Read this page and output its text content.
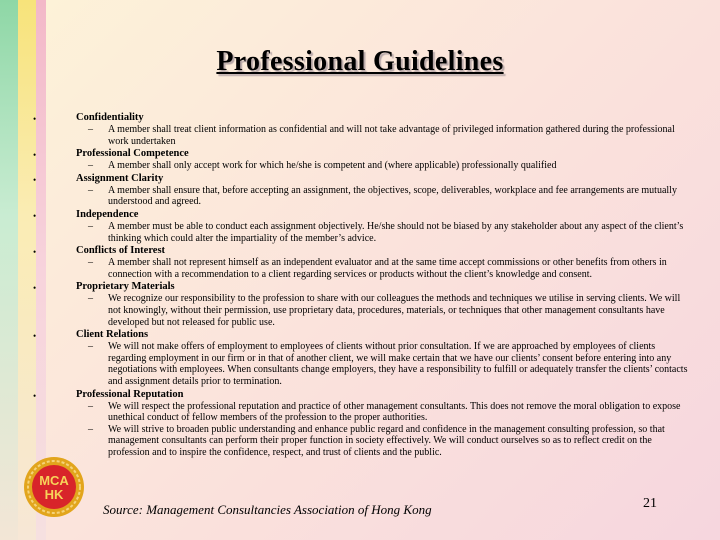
Professional Guidelines
•	Confidentiality
– A member shall treat client information as confidential and will not take advantage of privileged information gathered during the professional work undertaken
•	Professional Competence
– A member shall only accept work for which he/she is competent and (where applicable) professionally qualified
•	Assignment Clarity
– A member shall ensure that, before accepting an assignment, the objectives, scope, deliverables, workplace and fee arrangements are mutually understood and agreed.
•	Independence
– A member must be able to conduct each assignment objectively. He/she should not be biased by any stakeholder about any aspect of the client’s thinking which could alter the impartiality of the member’s advice.
•	Conflicts of Interest
– A member shall not represent himself as an independent evaluator and at the same time accept commissions or other benefits from others in connection with a recommendation to a client regarding services or products without the client’s knowledge and consent.
•	Proprietary Materials
– We recognize our responsibility to the profession to share with our colleagues the methods and techniques we utilise in serving clients. We will not knowingly, without their permission, use proprietary data, procedures, materials, or techniques that other management consultants have developed but not released for public use.
•	Client Relations
– We will not make offers of employment to employees of clients without prior consultation. If we are approached by employees of clients regarding employment in our firm or in that of another client, we will make certain that we have our clients’ consent before entering into any negotiations with employees. When consultants change employers, they have a responsibility to fulfill or adequately transfer the clients’ contacts and assignment details prior to termination.
•	Professional Reputation
– We will respect the professional reputation and practice of other management consultants. This does not remove the moral obligation to expose unethical conduct of fellow members of the profession to the proper authorities.
– We will strive to broaden public understanding and enhance public regard and confidence in the management consulting profession, so that management consultants can perform their proper function in society effectively. We will conduct ourselves so as to reflect credit on the profession and to inspire the confidence, respect, and trust of clients and the public.
MCA
HK
Source: Management Consultancies Association of Hong Kong	21
